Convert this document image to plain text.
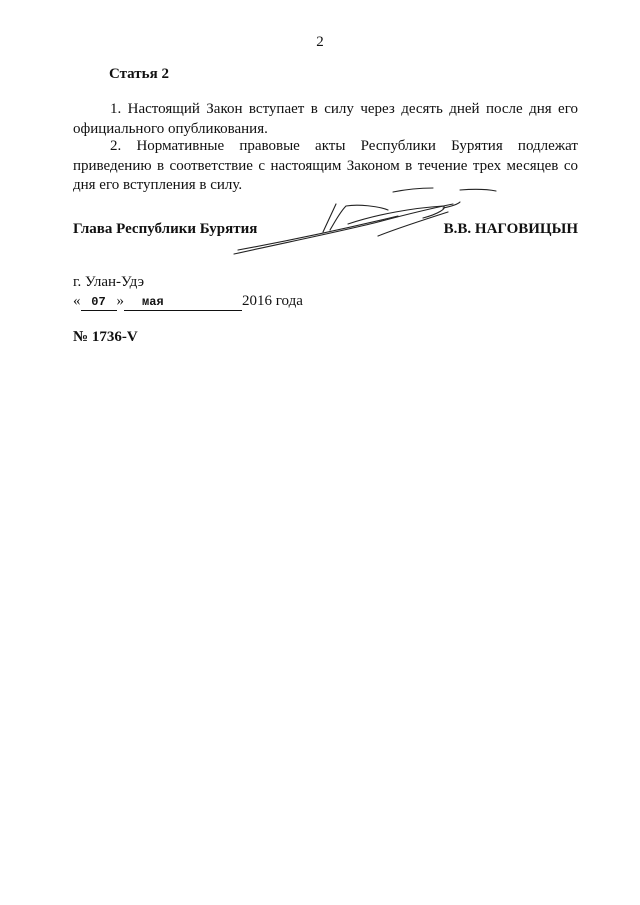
2
Статья 2

1. Настоящий Закон вступает в силу через десять дней после дня его официального опубликования.

2. Нормативные правовые акты Республики Бурятия подлежат приведению в соответствие с настоящим Законом в течение трех месяцев со дня его вступления в силу.

Глава Республики Бурятия	В.В. НАГОВИЦЫН
г. Улан-Удэ
« 07 » мая	2016 года
№ 1736-V
